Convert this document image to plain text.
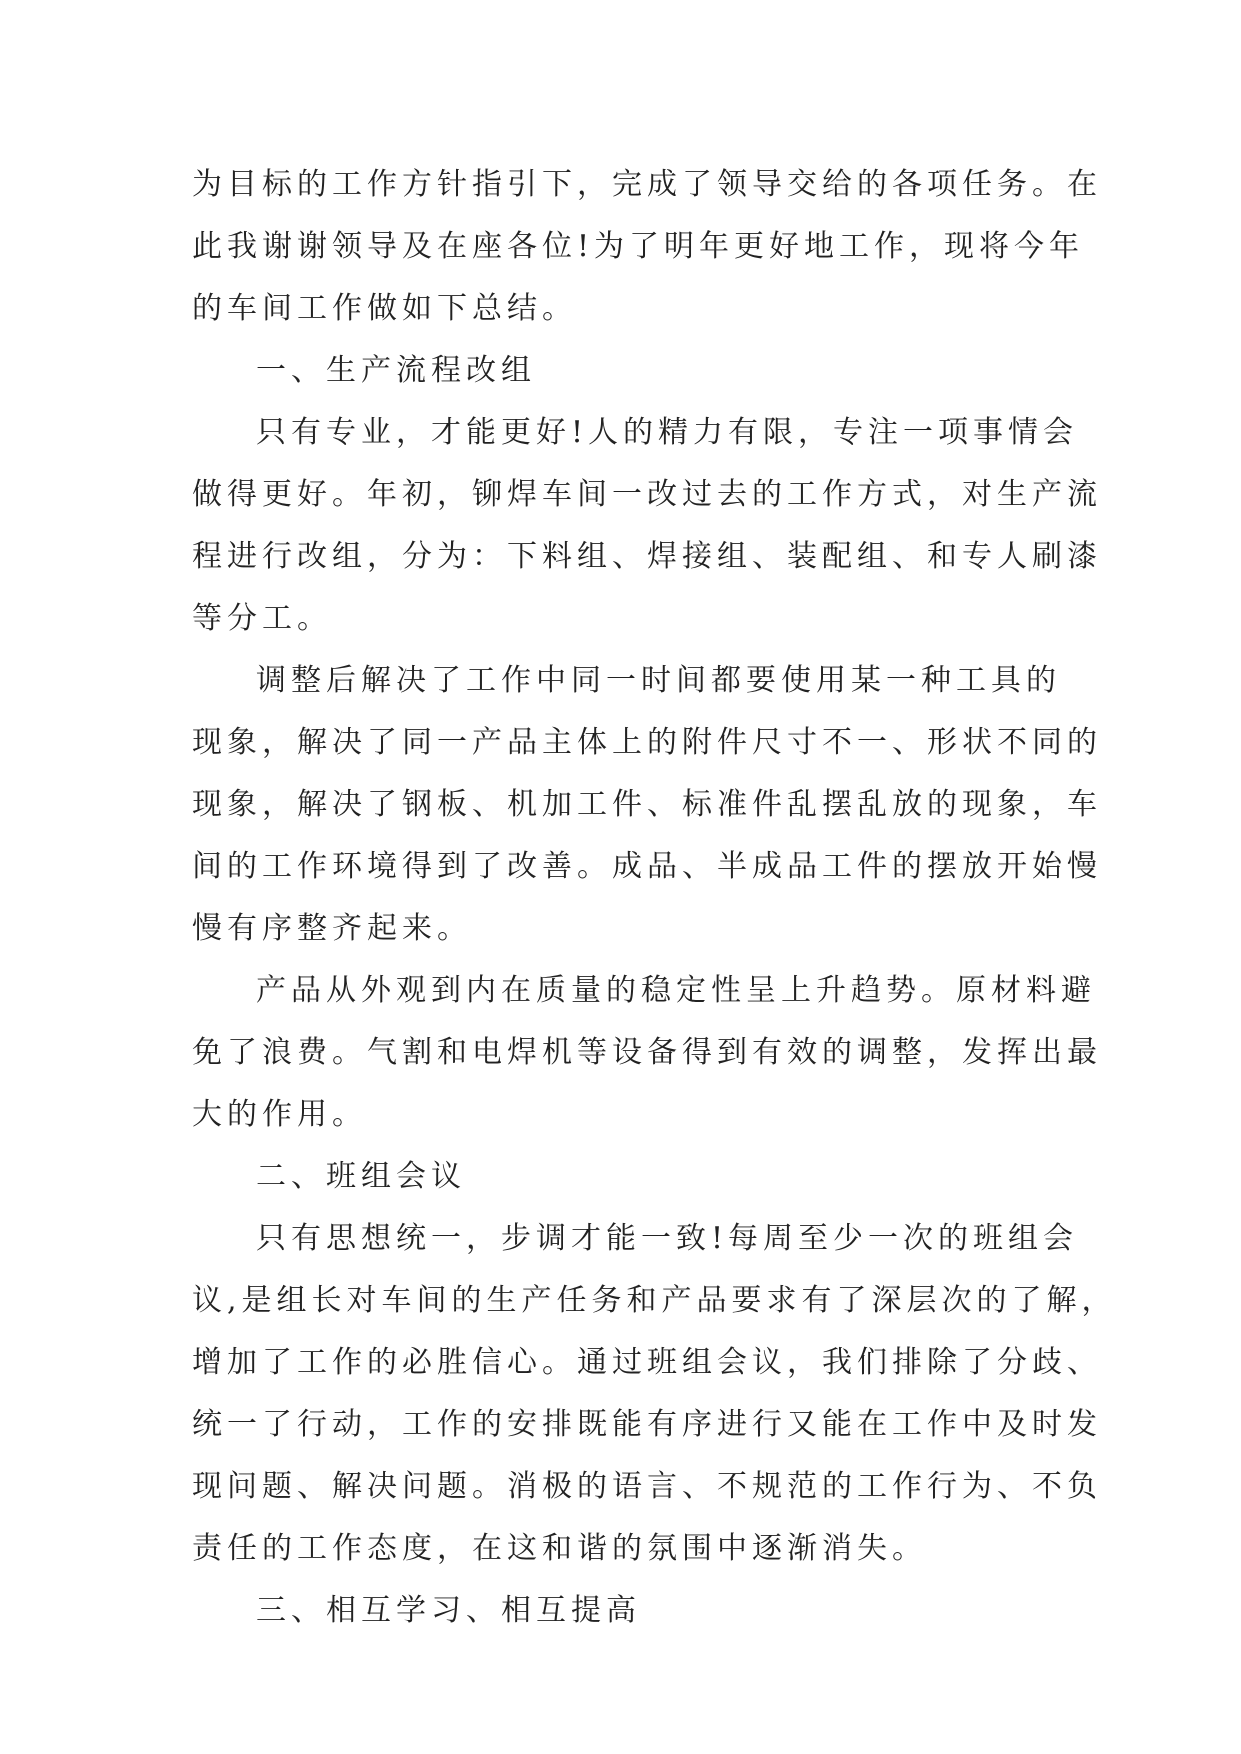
为目标的工作方针指引下，完成了领导交给的各项任务。在
此我谢谢领导及在座各位!为了明年更好地工作，现将今年
的车间工作做如下总结。
一、生产流程改组
只有专业，才能更好!人的精力有限，专注一项事情会
做得更好。年初，铆焊车间一改过去的工作方式，对生产流
程进行改组，分为：下料组、焊接组、装配组、和专人刷漆
等分工。
调整后解决了工作中同一时间都要使用某一种工具的
现象，解决了同一产品主体上的附件尺寸不一、形状不同的
现象，解决了钢板、机加工件、标准件乱摆乱放的现象，车
间的工作环境得到了改善。成品、半成品工件的摆放开始慢
慢有序整齐起来。
产品从外观到内在质量的稳定性呈上升趋势。原材料避
免了浪费。气割和电焊机等设备得到有效的调整，发挥出最
大的作用。
二、班组会议
只有思想统一，步调才能一致!每周至少一次的班组会
议,是组长对车间的生产任务和产品要求有了深层次的了解，
增加了工作的必胜信心。通过班组会议，我们排除了分歧、
统一了行动，工作的安排既能有序进行又能在工作中及时发
现问题、解决问题。消极的语言、不规范的工作行为、不负
责任的工作态度，在这和谐的氛围中逐渐消失。
三、相互学习、相互提高
